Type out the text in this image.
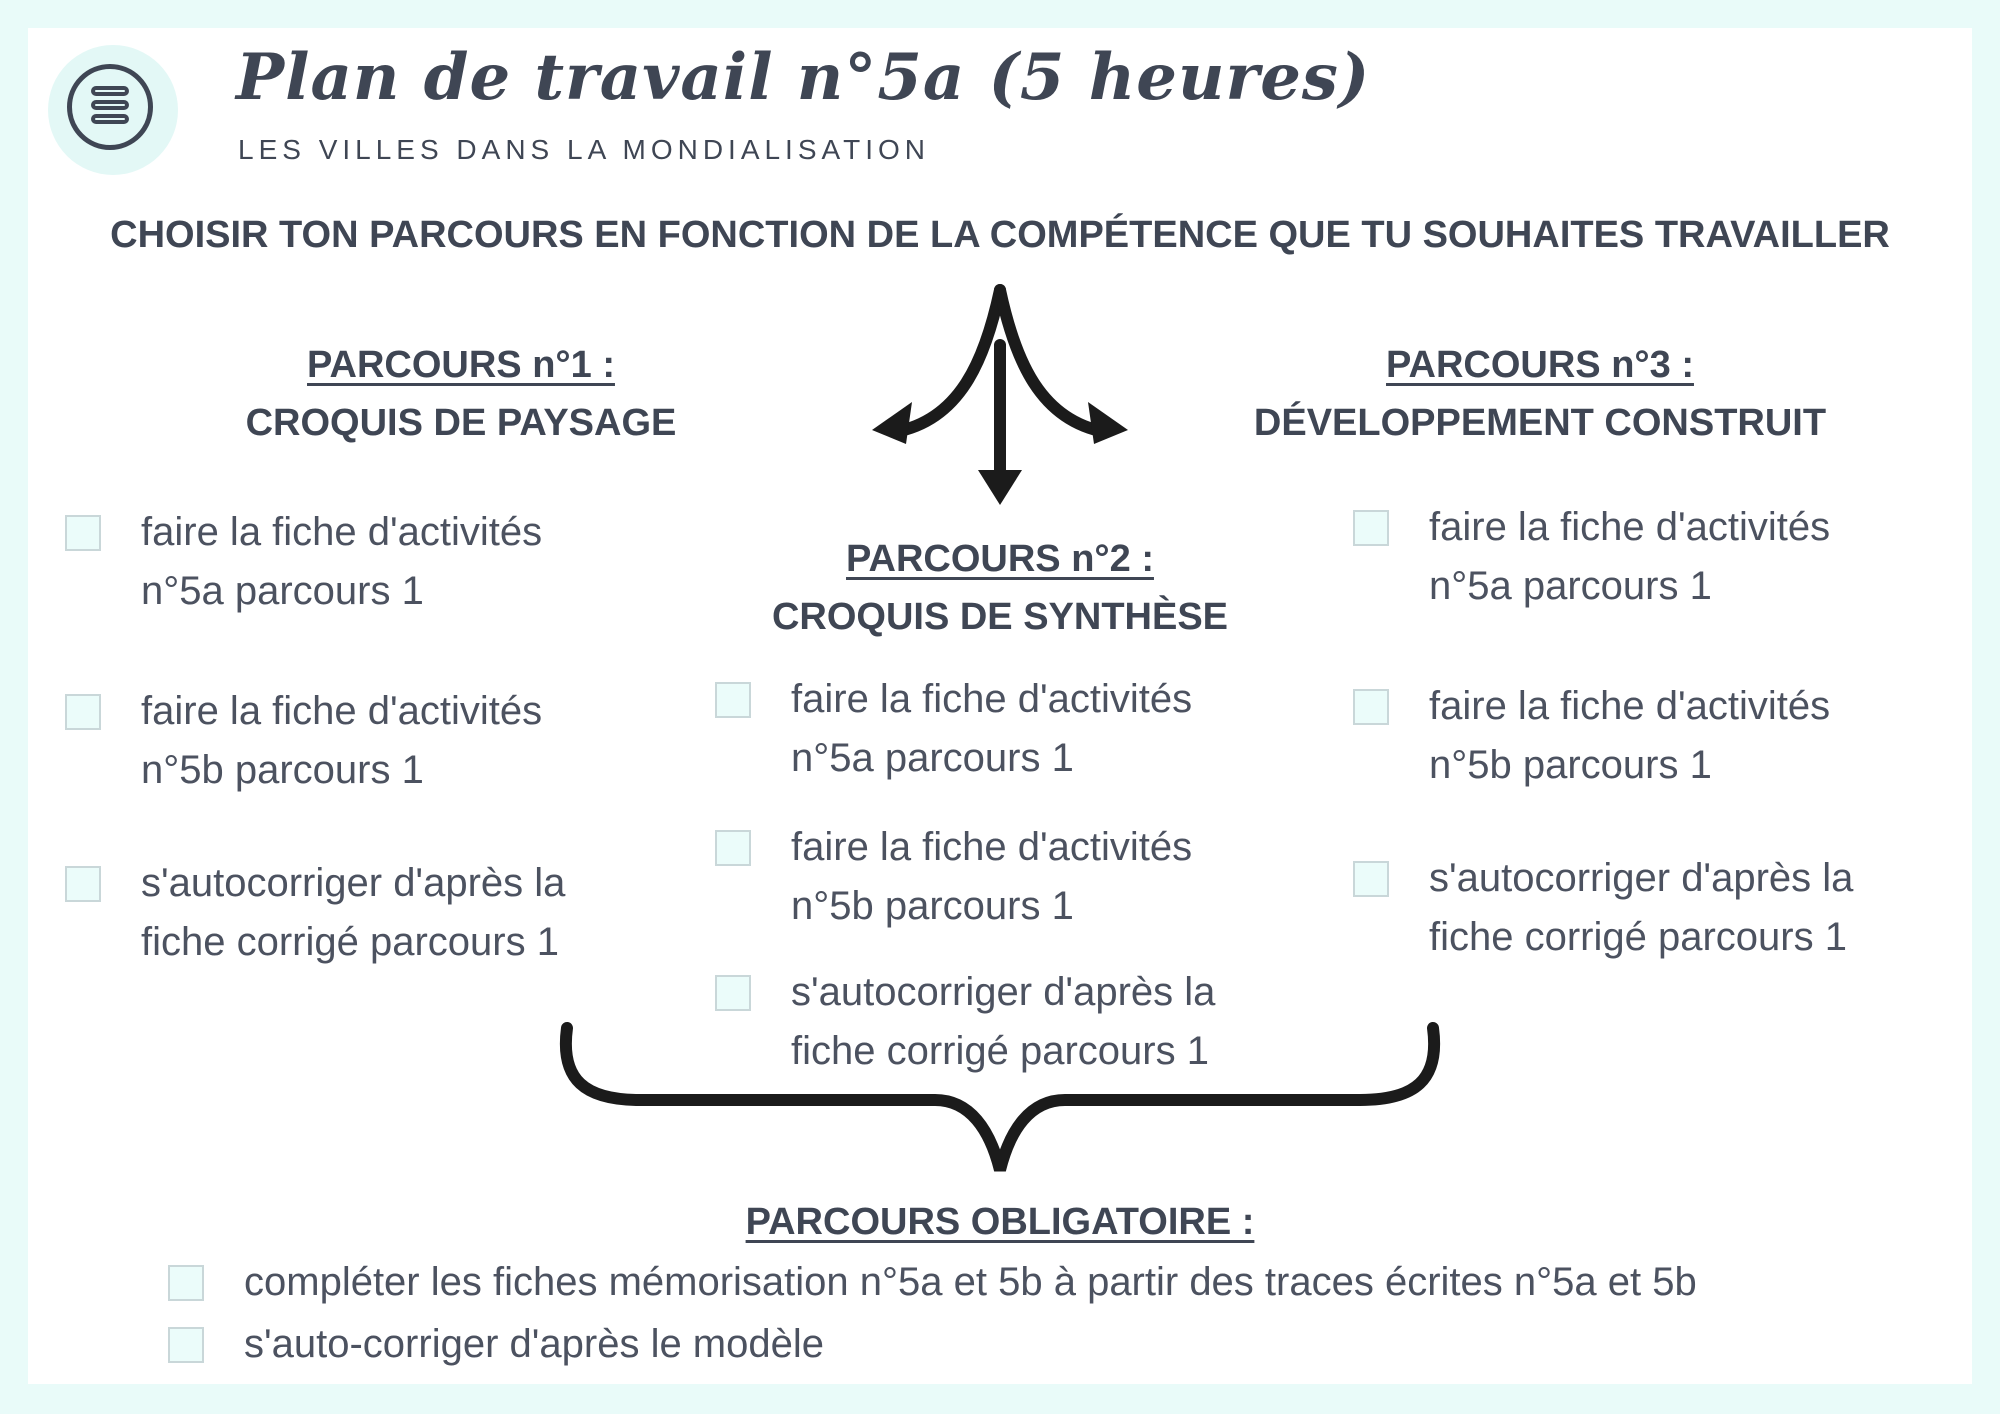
Plan de travail n°5a (5 heures)
LES VILLES DANS LA MONDIALISATION
CHOISIR TON PARCOURS EN FONCTION DE LA COMPÉTENCE QUE TU SOUHAITES TRAVAILLER
PARCOURS n°1 :
CROQUIS DE PAYSAGE
faire la fiche d'activités
n°5a parcours 1
faire la fiche d'activités
n°5b parcours 1
s'autocorriger d'après la
fiche corrigé parcours 1
PARCOURS n°2 :
CROQUIS DE SYNTHÈSE
faire la fiche d'activités
n°5a parcours 1
faire la fiche d'activités
n°5b parcours 1
s'autocorriger d'après la
fiche corrigé parcours 1
PARCOURS n°3 :
DÉVELOPPEMENT CONSTRUIT
faire la fiche d'activités
n°5a parcours 1
faire la fiche d'activités
n°5b parcours 1
s'autocorriger d'après la
fiche corrigé parcours 1
PARCOURS OBLIGATOIRE :
compléter les fiches mémorisation n°5a et 5b à partir des traces écrites n°5a et 5b
s'auto-corriger d'après le modèle
